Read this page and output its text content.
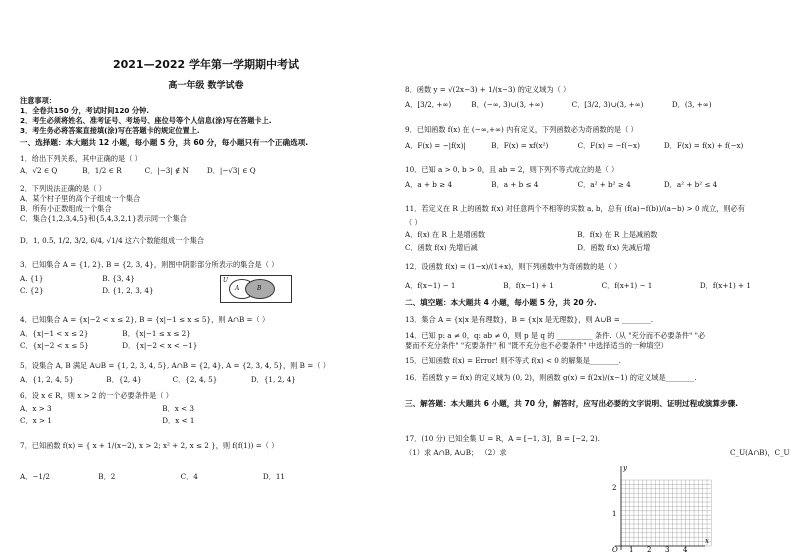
2021—2022 学年第一学期期中考试
高一年级 数学试卷
注意事项：
1．全卷共150 分，考试时间120 分钟.
2．考生必须将姓名、准考证号、考场号、座位号等个人信息(涂)写在答题卡上.
3．考生务必将答案直接填(涂)写在答题卡的规定位置上.
一、选择题：本大题共 12 小题，每小题 5 分，共 60 分，每小题只有一个正确选项.
1．给出下列关系，其中正确的是（ ）
A．√2 ∈ Q	B．1/2 ∈ R	C．|−3| ∉ N D．|−√3| ∈ Q
2．下列说法正确的是（ ）
A．某个村子里的高个子组成一个集合
B．所有小正数组成一个集合
C．集合{1,2,3,4,5}和{5,4,3,2,1}表示同一个集合
D．1, 0.5, 1/2, 3/2, 6/4, √1/4 这六个数能组成一个集合
3．已知集合 A = {1, 2}, B = {2, 3, 4}，则图中阴影部分所表示的集合是（ ）
A. {1}	B. {3, 4}
C. {2}	D. {1, 2, 3, 4}
U
A	B
4．已知集合 A = {x|−2 < x ≤ 2}, B = {x|−1 ≤ x ≤ 5}，则 A∩B =（ ）
A．{x|−1 < x ≤ 2}	B．{x|−1 ≤ x ≤ 2}
C．{x|−2 < x ≤ 5}	D．{x|−2 < x < −1}
5．设集合 A, B 满足 A∪B = {1, 2, 3, 4, 5}, A∩B = {2, 4}, A = {2, 3, 4, 5}，则 B =（ ）
A．{1, 2, 4, 5}	B．{2, 4}	C．{2, 4, 5}	D．{1, 2, 4}
6．设 x ∈ R，则 x > 2 的一个必要条件是（ ）
A．x > 3	B．x < 3
C．x > 1	D．x < 1
7．已知函数 f(x) = { x + 1/(x−2), x > 2; x² + 2, x ≤ 2 }，则 f(f(1)) =（ ）
A．−1/2	B．2	C．4	D．11
8．函数 y = √(2x−3) + 1/(x−3) 的定义域为（ ）
A．[3/2, +∞)	B．(−∞, 3)∪(3, +∞)	C．[3/2, 3)∪(3, +∞)	D．(3, +∞)
9．已知函数 f(x) 在 (−∞,+∞) 内有定义，下列函数必为奇函数的是（ ）
A．F(x) = −|f(x)|	B．F(x) = xf(x²)	C．F(x) = −f(−x)	D．F(x) = f(x) + f(−x)
10．已知 a > 0, b > 0，且 ab = 2，则下列不等式成立的是（ ）
A．a + b ≥ 4	B．a + b ≤ 4	C．a² + b² ≥ 4	D．a² + b² ≤ 4
11．若定义在 R 上的函数 f(x) 对任意两个不相等的实数 a, b，总有 (f(a)−f(b))/(a−b) > 0 成立，则必有
（ ）
A．f(x) 在 R 上是增函数	B．f(x) 在 R 上是减函数
C．函数 f(x) 先增后减	D．函数 f(x) 先减后增
12．设函数 f(x) = (1−x)/(1+x)，则下列函数中为奇函数的是（ ）
A．f(x−1) − 1	B．f(x−1) + 1	C．f(x+1) − 1	D．f(x+1) + 1
二、填空题：本大题共 4 小题，每小题 5 分，共 20 分.
13．集合 A = {x|x 是有理数}，B = {x|x 是无理数}，则 A∪B = ________.
14．已知 p: a ≠ 0，q: ab ≠ 0，则 p 是 q 的 __________ 条件.（从 "充分而不必要条件" "必
要而不充分条件" "充要条件" 和 "既不充分也不必要条件" 中选择适当的一种填空）
15．已知函数 f(x) = Error! 则不等式 f(x) < 0 的解集是________.
16．若函数 y = f(x) 的定义域为 (0, 2)，则函数 g(x) = f(2x)/(x−1) 的定义域是________.
三、解答题：本大题共 6 小题，共 70 分，解答时，应写出必要的文字说明、证明过程或演算步骤.
17．(10 分) 已知全集 U = R，A = [−1, 3]，B = [−2, 2).
（1）求 A∩B, A∪B； （2）求	C_U(A∩B)，C_U
x
y
O
1
2
1 2 3 4
